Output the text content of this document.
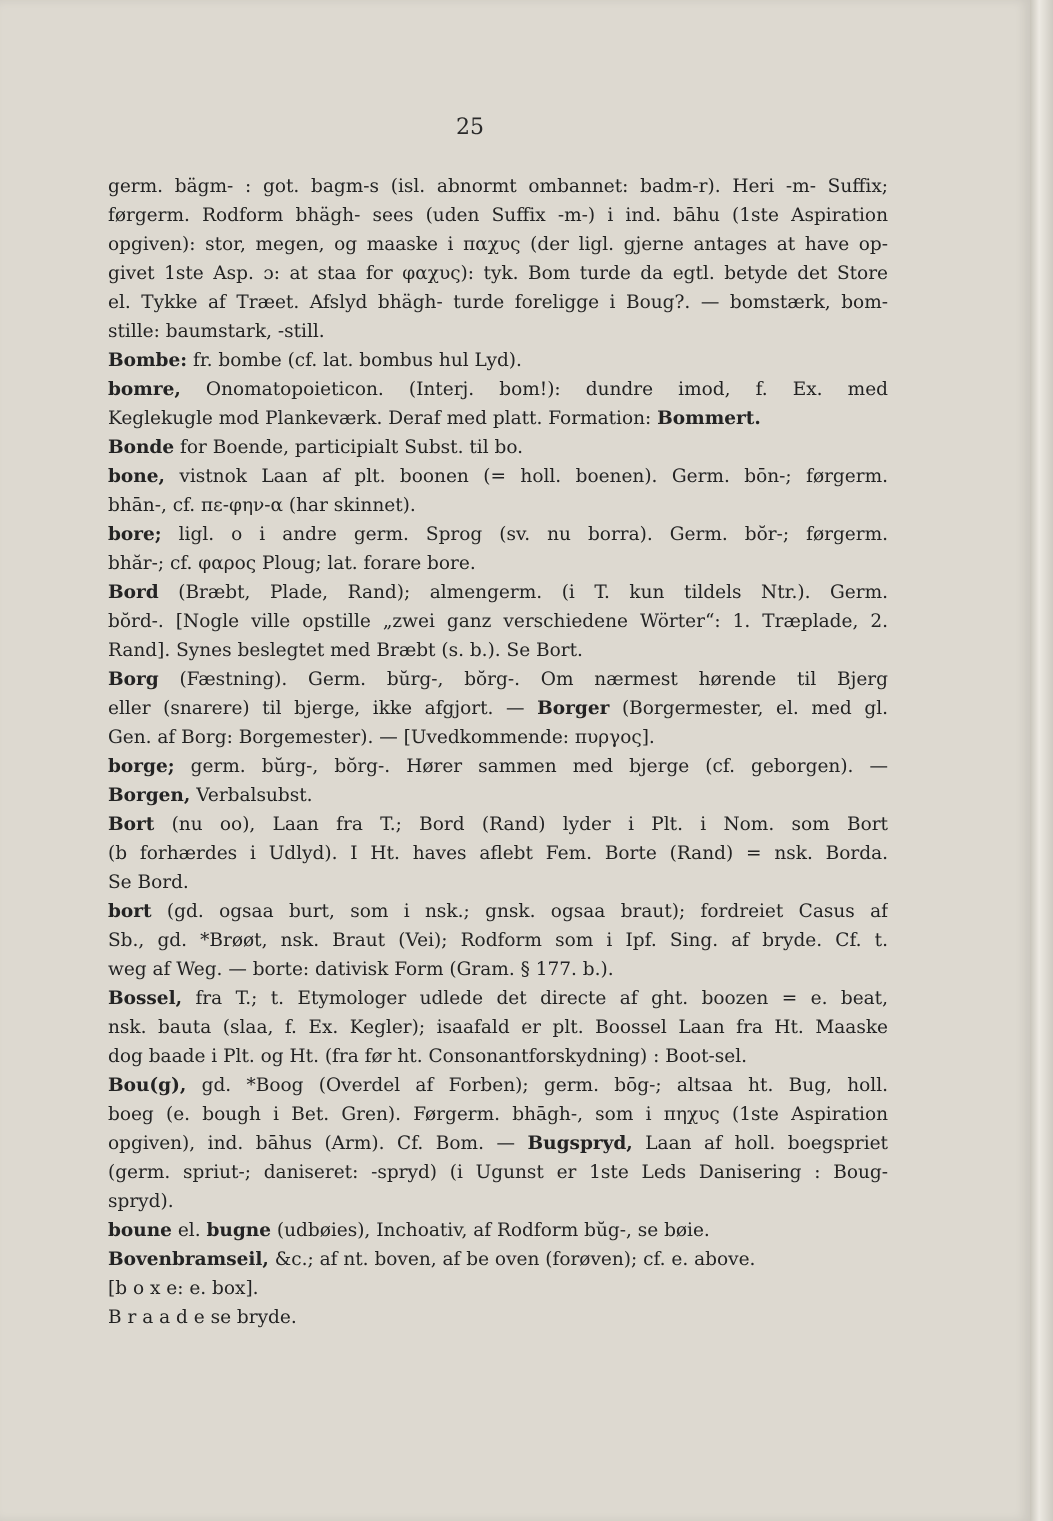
25
germ. bägm- : got. bagm-s (isl. abnormt ombannet: badm-r). Heri -m- Suffix;
førgerm. Rodform bhägh- sees (uden Suffix -m-) i ind. bāhu (1ste Aspiration
opgiven): stor, megen, og maaske i παχυς (der ligl. gjerne antages at have op-
givet 1ste Asp. ɔ: at staa for φαχυς): tyk. Bom turde da egtl. betyde det Store
el. Tykke af Træet. Afslyd bhägh- turde foreligge i Boug?. — bomstærk, bom-
stille: baumstark, -still.
Bombe: fr. bombe (cf. lat. bombus hul Lyd).
bomre, Onomatopoieticon. (Interj. bom!): dundre imod, f. Ex. med
Keglekugle mod Plankeværk. Deraf med platt. Formation: Bommert.
Bonde for Boende, participialt Subst. til bo.
bone, vistnok Laan af plt. boonen (= holl. boenen). Germ. bōn-; førgerm.
bhān-, cf. πε-φην-α (har skinnet).
bore; ligl. o i andre germ. Sprog (sv. nu borra). Germ. bŏr-; førgerm.
bhăr-; cf. φαρος Ploug; lat. forare bore.
Bord (Bræbt, Plade, Rand); almengerm. (i T. kun tildels Ntr.). Germ.
bŏrd-. [Nogle ville opstille „zwei ganz verschiedene Wörter“: 1. Træplade, 2.
Rand]. Synes beslegtet med Bræbt (s. b.). Se Bort.
Borg (Fæstning). Germ. bŭrg-, bŏrg-. Om nærmest hørende til Bjerg
eller (snarere) til bjerge, ikke afgjort. — Borger (Borgermester, el. med gl.
Gen. af Borg: Borgemester). — [Uvedkommende: πυργος].
borge; germ. bŭrg-, bŏrg-. Hører sammen med bjerge (cf. geborgen). —
Borgen, Verbalsubst.
Bort (nu oo), Laan fra T.; Bord (Rand) lyder i Plt. i Nom. som Bort
(b forhærdes i Udlyd). I Ht. haves aflebt Fem. Borte (Rand) = nsk. Borda.
Se Bord.
bort (gd. ogsaa burt, som i nsk.; gnsk. ogsaa braut); fordreiet Casus af
Sb., gd. *Brøøt, nsk. Braut (Vei); Rodform som i Ipf. Sing. af bryde. Cf. t.
weg af Weg. — borte: dativisk Form (Gram. § 177. b.).
Bossel, fra T.; t. Etymologer udlede det directe af ght. boozen = e. beat,
nsk. bauta (slaa, f. Ex. Kegler); isaafald er plt. Boossel Laan fra Ht. Maaske
dog baade i Plt. og Ht. (fra før ht. Consonantforskydning) : Boot-sel.
Bou(g), gd. *Boog (Overdel af Forben); germ. bōg-; altsaa ht. Bug, holl.
boeg (e. bough i Bet. Gren). Førgerm. bhāgh-, som i πηχυς (1ste Aspiration
opgiven), ind. bāhus (Arm). Cf. Bom. — Bugspryd, Laan af holl. boegspriet
(germ. spriut-; daniseret: -spryd) (i Ugunst er 1ste Leds Danisering : Boug-
spryd).
boune el. bugne (udbøies), Inchoativ, af Rodform bŭg-, se bøie.
Bovenbramseil, &c.; af nt. boven, af be oven (forøven); cf. e. above.
[b o x e: e. box].
B r a a d e se bryde.
